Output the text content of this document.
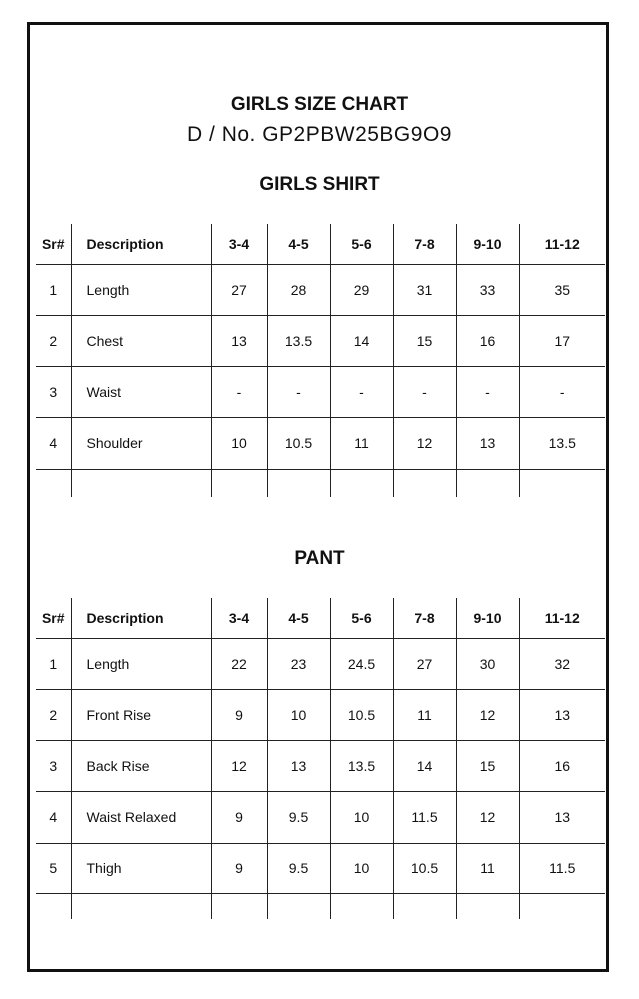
GIRLS SIZE CHART
D / No. GP2PBW25BG9O9
GIRLS SHIRT
Sr#	Description	3-4	4-5	5-6	7-8	9-10	11-12
1	Length	27	28	29	31	33	35
2	Chest	13	13.5	14	15	16	17
3	Waist	-	-	-	-	-	-
4	Shoulder	10	10.5	11	12	13	13.5

PANT
Sr#	Description	3-4	4-5	5-6	7-8	9-10	11-12
1	Length	22	23	24.5	27	30	32
2	Front Rise	9	10	10.5	11	12	13
3	Back Rise	12	13	13.5	14	15	16
4	Waist Relaxed	9	9.5	10	11.5	12	13
5	Thigh	9	9.5	10	10.5	11	11.5
